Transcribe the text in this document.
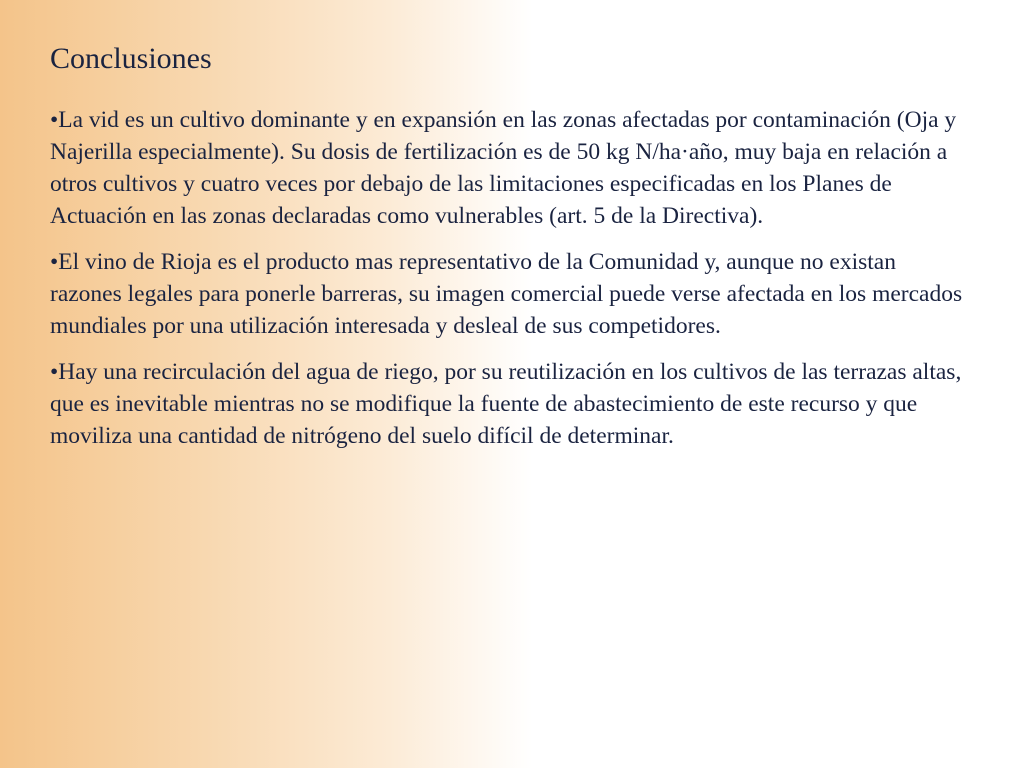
Conclusiones

•La vid es un cultivo dominante y en expansión en las zonas afectadas por contaminación (Oja y Najerilla especialmente). Su dosis de fertilización es de 50 kg N/ha·año, muy baja en relación a otros cultivos y cuatro veces por debajo de las limitaciones especificadas en los Planes de Actuación en las zonas declaradas como vulnerables (art. 5 de la Directiva).

•El vino de Rioja es el producto mas representativo de la Comunidad y, aunque no existan razones legales para ponerle barreras, su imagen comercial puede verse afectada en los mercados mundiales por una utilización interesada y desleal de sus competidores.

•Hay una recirculación del agua de riego, por su reutilización en los cultivos de las terrazas altas, que es inevitable mientras no se modifique la fuente de abastecimiento de este recurso y que moviliza una cantidad de nitrógeno del suelo difícil de determinar.
